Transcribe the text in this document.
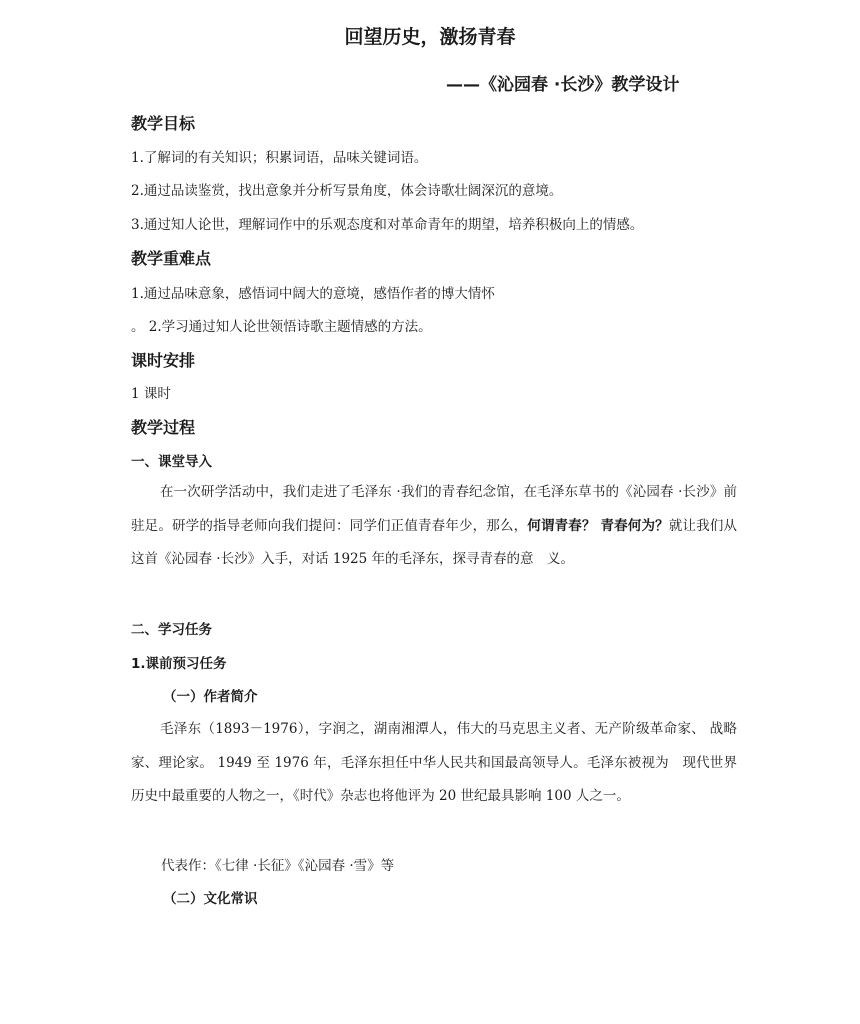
回望历史，激扬青春
——《沁园春 ·长沙》教学设计
教学目标
1.了解词的有关知识；积累词语，品味关键词语。
2.通过品读鉴赏，找出意象并分析写景角度，体会诗歌壮阔深沉的意境。
3.通过知人论世，理解词作中的乐观态度和对革命青年的期望，培养积极向上的情感。
教学重难点
1.通过品味意象，感悟词中阔大的意境，感悟作者的博大情怀
。 2.学习通过知人论世领悟诗歌主题情感的方法。
课时安排
1 课时
教学过程
一、课堂导入
在一次研学活动中，我们走进了毛泽东 ·我们的青春纪念馆，在毛泽东草书的《沁园春 ·长沙》前驻足。研学的指导老师向我们提问：同学们正值青春年少，那么，何谓青春？ 青春何为？就让我们从这首《沁园春 ·长沙》入手，对话 1925 年的毛泽东，探寻青春的意　义。
二、学习任务
1.课前预习任务
（一）作者简介
毛泽东（1893－1976），字润之，湖南湘潭人，伟大的马克思主义者、无产阶级革命家、 战略家、理论家。 1949 至 1976 年，毛泽东担任中华人民共和国最高领导人。毛泽东被视为　现代世界历史中最重要的人物之一，《时代》杂志也将他评为 20 世纪最具影响 100 人之一。
代表作：《七律 ·长征》《沁园春 ·雪》等
（二）文化常识
